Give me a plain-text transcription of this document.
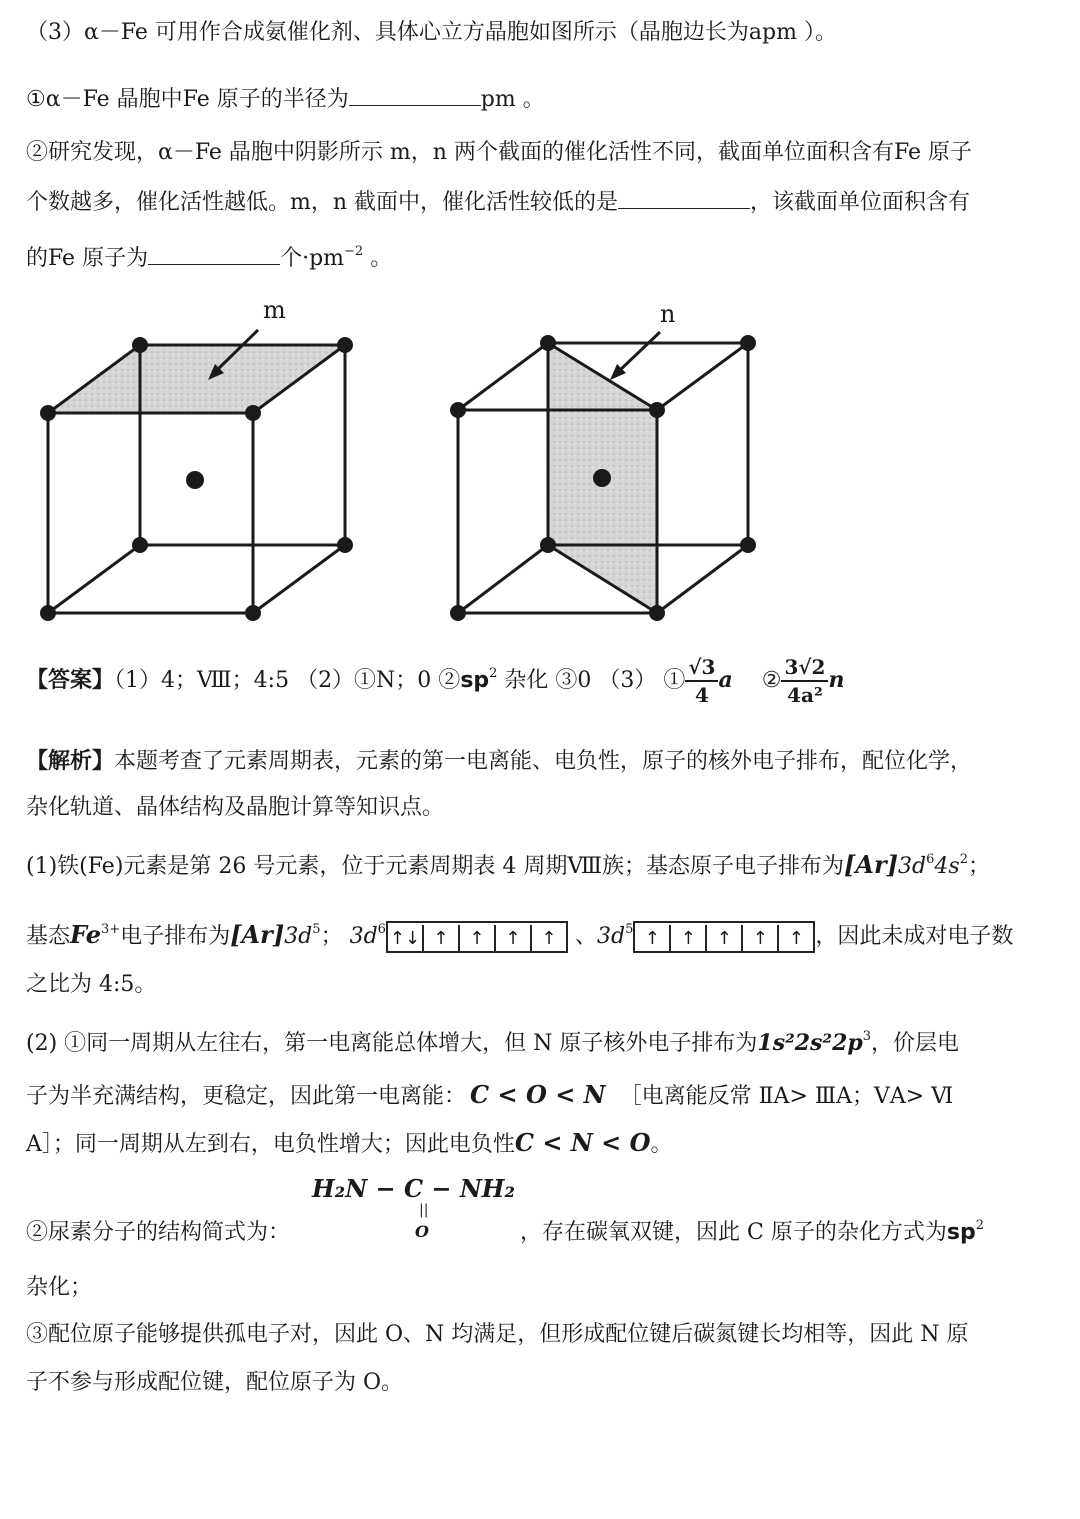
（3）α－Fe 可用作合成氨催化剂、具体心立方晶胞如图所示（晶胞边长为apm ）。
①α－Fe 晶胞中Fe 原子的半径为	pm 。
②研究发现，α－Fe 晶胞中阴影所示 m，n 两个截面的催化活性不同，截面单位面积含有Fe 原子
个数越多，催化活性越低。m，n 截面中，催化活性较低的是	，该截面单位面积含有
的Fe 原子为	个$\cdot pm^{-2}$ 。
m	n
【答案】（1）4；Ⅷ；4:5 （2）①N；0 $②sp^2$ 杂化 ③0 （3） ① $\frac{√3}{4}$ a ② $\frac{3√2}{\text{4a²}}$ n
【解析】本题考查了元素周期表，元素的第一电离能、电负性，原子的核外电子排布，配位化学，
杂化轨道、晶体结构及晶胞计算等知识点。
(1)铁(Fe)元素是第 26 号元素，位于元素周期表 4 周期Ⅷ族；基态原子电子排布为$[Ar]3d^64s^2$；
基态$Fe^{3+}$电子排布为$[Ar]3d^5$； $3d^6$ ↑↓ ↑ ↑ ↑ ↑ 、$3d^5$ ↑ ↑ ↑ ↑ ↑ ，因此未成对电子数
之比为 4:5。
(2) ①同一周期从左往右，第一电离能总体增大，但 N 原子核外电子排布为$1s^22s^22p^3$，价层电
子为半充满结构，更稳定，因此第一电离能： C < O < N ［电离能反常 ⅡA> ⅢA；ⅤA> Ⅵ
A］；同一周期从左到右，电负性增大；因此电负性C < N < O。
H₂N − C − NH₂
||
O
②尿素分子的结构简式为：	，存在碳氧双键，因此 C 原子的杂化方式为$sp^2$
杂化；
③配位原子能够提供孤电子对，因此 O、N 均满足，但形成配位键后碳氮键长均相等，因此 N 原
子不参与形成配位键，配位原子为 O。
